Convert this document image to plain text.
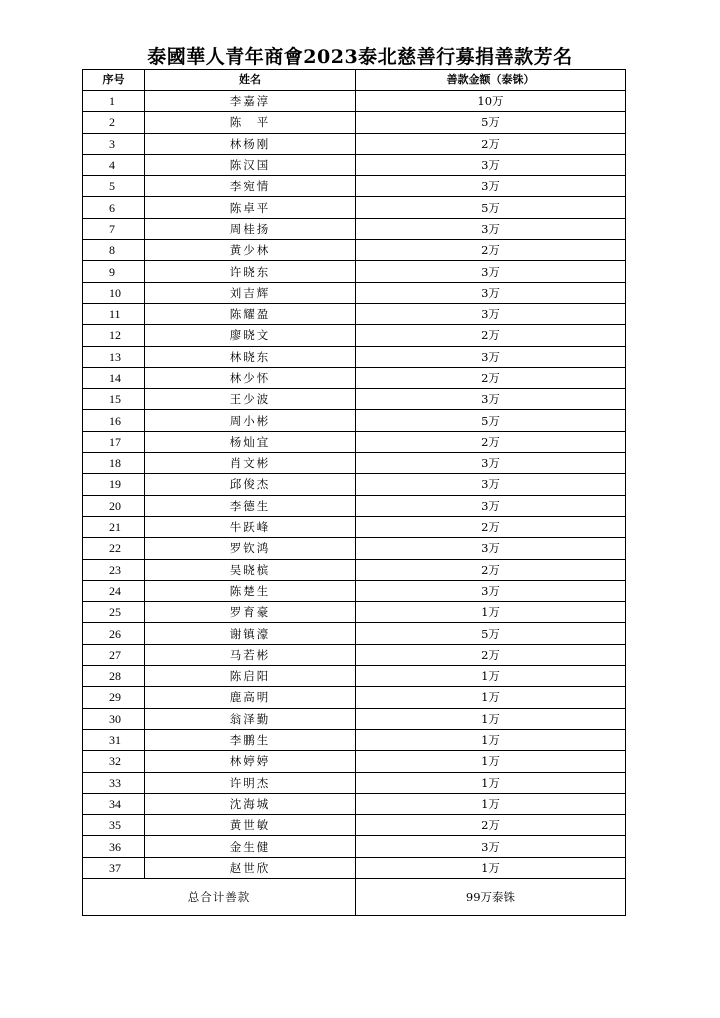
泰國華人青年商會2023泰北慈善行募捐善款芳名
序号	姓名	善款金额（泰铢）
1	李嘉淳	10万
2	陈　平	5万
3	林杨刚	2万
4	陈汉国	3万
5	李宛情	3万
6	陈卓平	5万
7	周桂扬	3万
8	黄少林	2万
9	许晓东	3万
10	刘吉辉	3万
11	陈耀盈	3万
12	廖晓文	2万
13	林晓东	3万
14	林少怀	2万
15	王少波	3万
16	周小彬	5万
17	杨灿宜	2万
18	肖文彬	3万
19	邱俊杰	3万
20	李德生	3万
21	牛跃峰	2万
22	罗钦鸿	3万
23	吴晓槟	2万
24	陈楚生	3万
25	罗育豪	1万
26	谢镇濠	5万
27	马若彬	2万
28	陈启阳	1万
29	鹿高明	1万
30	翁泽勤	1万
31	李鹏生	1万
32	林婷婷	1万
33	许明杰	1万
34	沈海城	1万
35	黄世敏	2万
36	金生健	3万
37	赵世欣	1万
总合计善款		99万泰铢
